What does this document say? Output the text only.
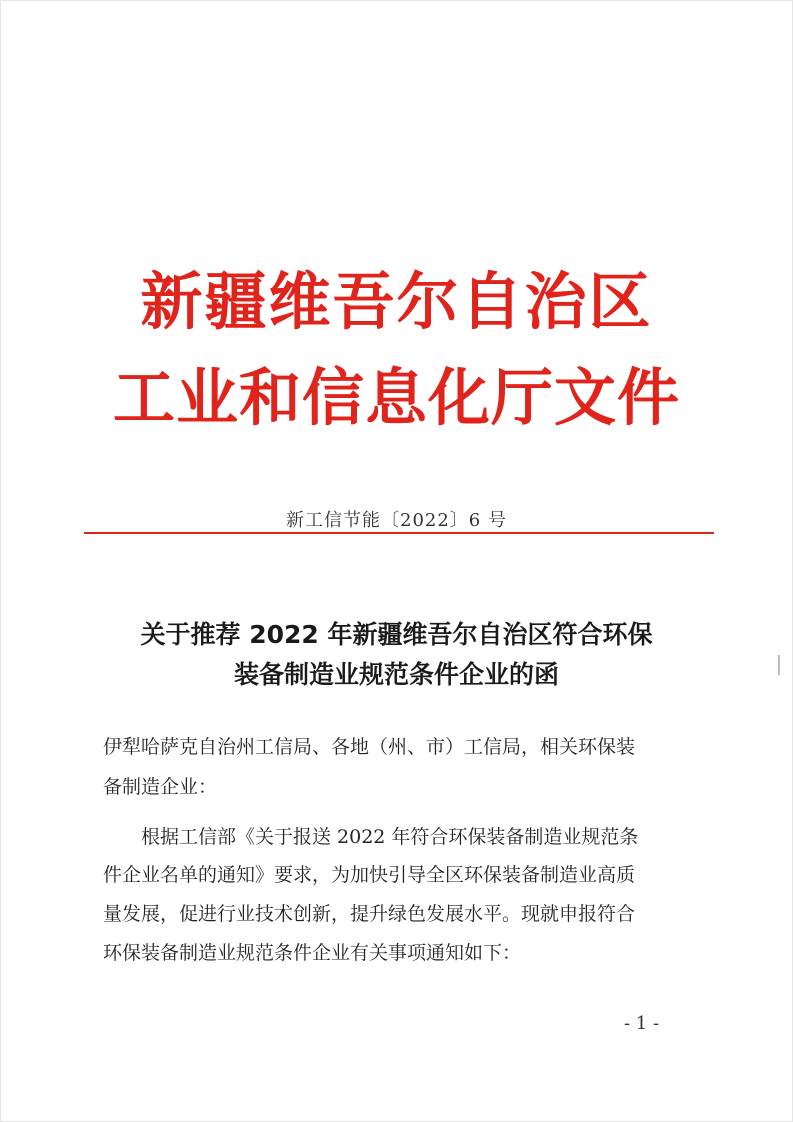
新疆维吾尔自治区
工业和信息化厅文件
新工信节能〔2022〕6 号
关于推荐 2022 年新疆维吾尔自治区符合环保
装备制造业规范条件企业的函
伊犁哈萨克自治州工信局、各地（州、市）工信局，相关环保装
备制造企业：
　　根据工信部《关于报送 2022 年符合环保装备制造业规范条
件企业名单的通知》要求，为加快引导全区环保装备制造业高质
量发展，促进行业技术创新，提升绿色发展水平。现就申报符合
环保装备制造业规范条件企业有关事项通知如下：
- 1 -
